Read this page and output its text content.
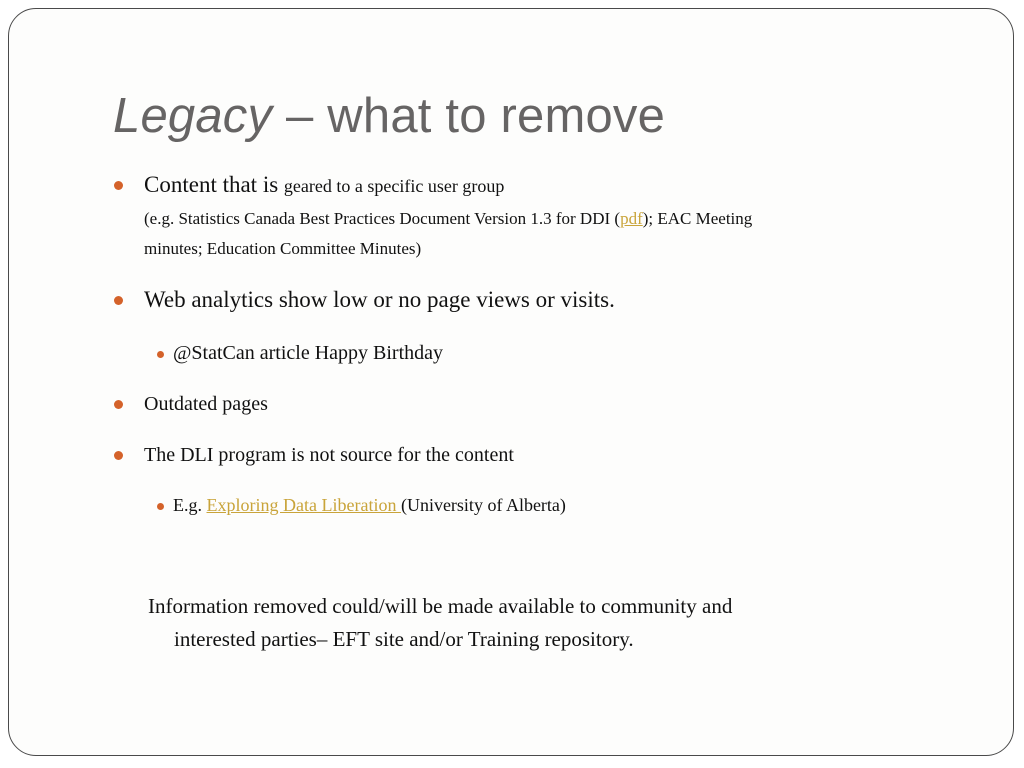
Legacy – what to remove
Content that is geared to a specific user group
(e.g. Statistics Canada Best Practices Document Version 1.3 for DDI (pdf); EAC Meeting
minutes; Education Committee Minutes)
Web analytics show low or no page views or visits.
@StatCan article Happy Birthday
Outdated pages
The DLI program is not source for the content
E.g. Exploring Data Liberation (University of Alberta)
Information removed could/will be made available to community and
interested parties– EFT site and/or Training repository.
